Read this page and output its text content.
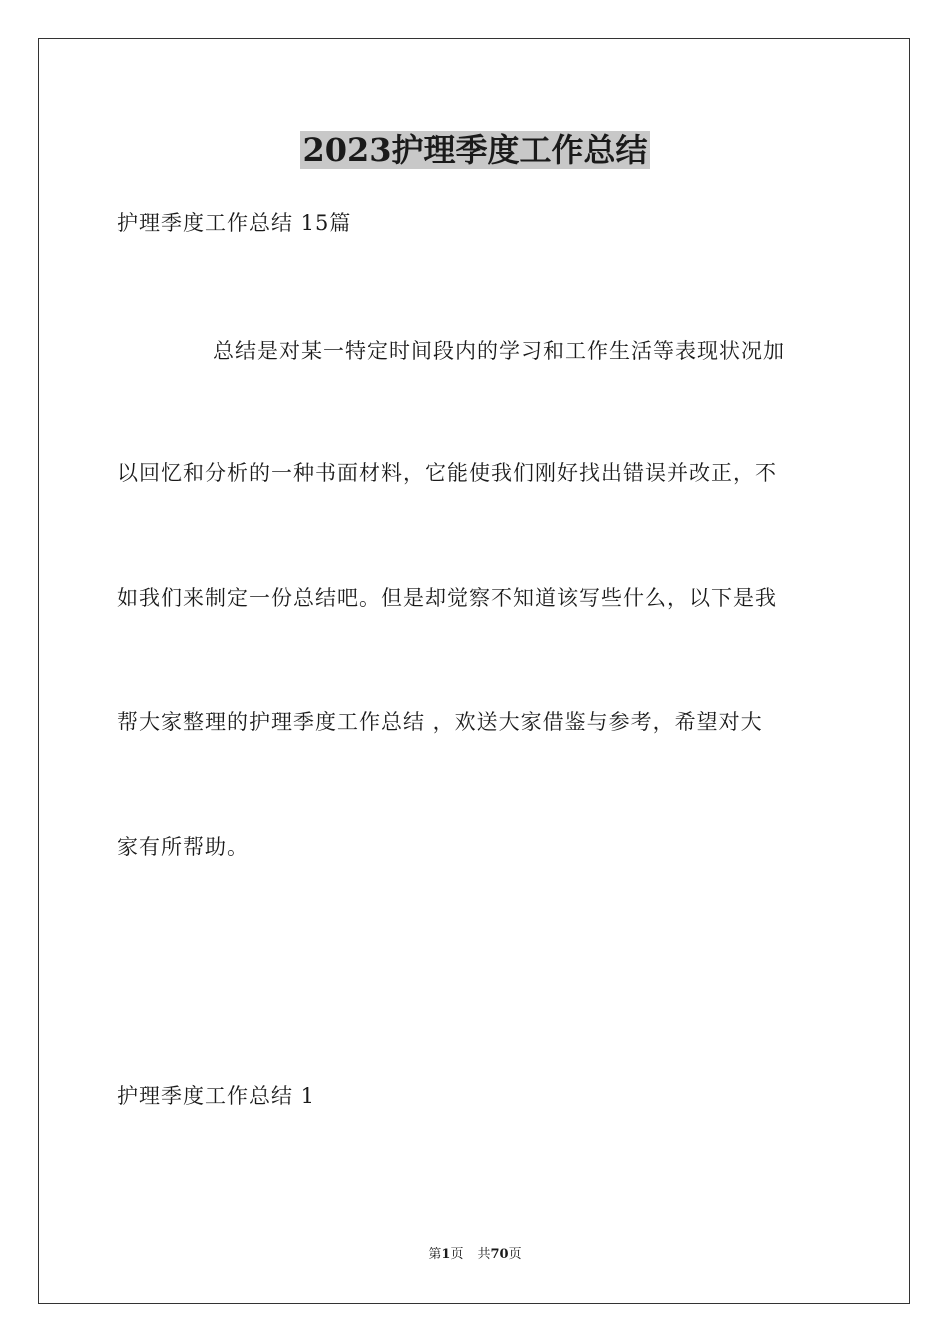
2023护理季度工作总结
护理季度工作总结 15篇
总结是对某一特定时间段内的学习和工作生活等表现状况加
以回忆和分析的一种书面材料，它能使我们刚好找出错误并改正，不
如我们来制定一份总结吧。但是却觉察不知道该写些什么，以下是我
帮大家整理的护理季度工作总结 ，欢送大家借鉴与参考，希望对大
家有所帮助。
护理季度工作总结 1
第1页 共70页
